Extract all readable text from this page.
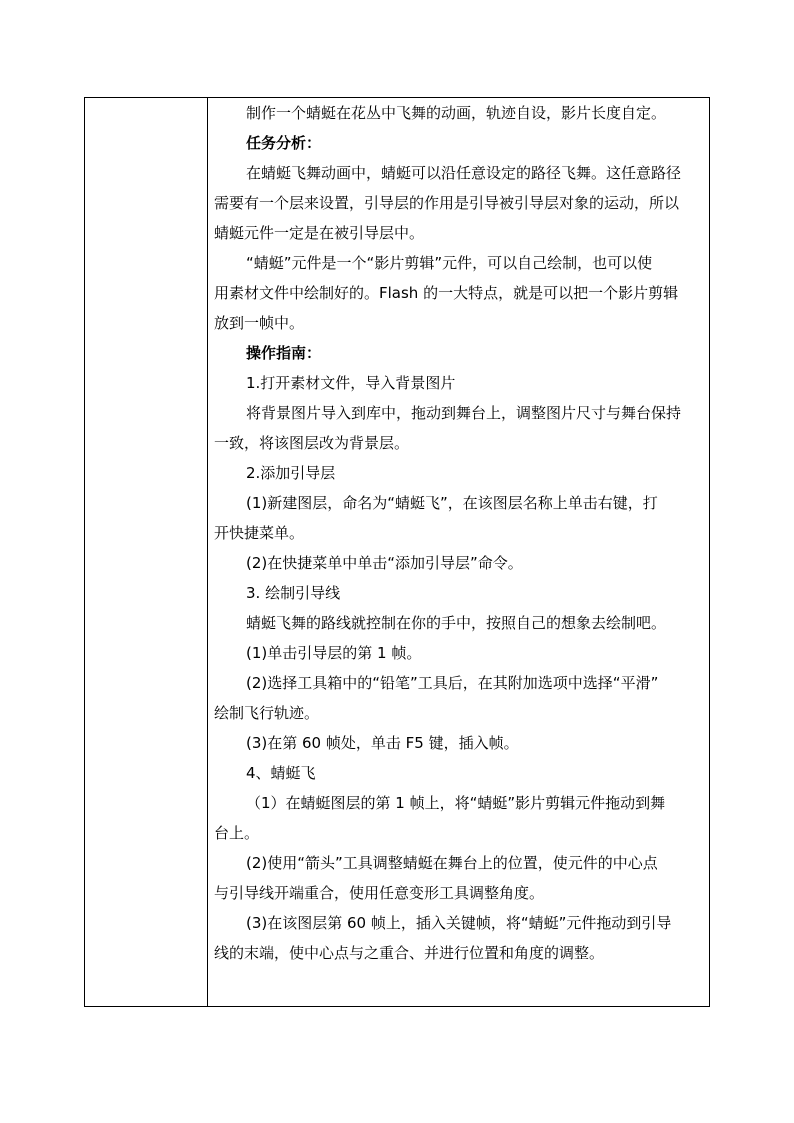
制作一个蜻蜓在花丛中飞舞的动画，轨迹自设，影片长度自定。
任务分析：
在蜻蜓飞舞动画中，蜻蜓可以沿任意设定的路径飞舞。这任意路径
需要有一个层来设置，引导层的作用是引导被引导层对象的运动，所以
蜻蜓元件一定是在被引导层中。
“蜻蜓”元件是一个“影片剪辑”元件，可以自己绘制，也可以使
用素材文件中绘制好的。Flash 的一大特点，就是可以把一个影片剪辑
放到一帧中。
操作指南：
1.打开素材文件，导入背景图片
将背景图片导入到库中，拖动到舞台上，调整图片尺寸与舞台保持
一致，将该图层改为背景层。
2.添加引导层
(1)新建图层，命名为“蜻蜓飞”，在该图层名称上单击右键，打
开快捷菜单。
(2)在快捷菜单中单击“添加引导层”命令。
3. 绘制引导线
蜻蜓飞舞的路线就控制在你的手中，按照自己的想象去绘制吧。
(1)单击引导层的第 1 帧。
(2)选择工具箱中的“铅笔”工具后，在其附加选项中选择“平滑”
绘制飞行轨迹。
(3)在第 60 帧处，单击 F5 键，插入帧。
4、蜻蜓飞
（1）在蜻蜓图层的第 1 帧上，将“蜻蜓”影片剪辑元件拖动到舞
台上。
(2)使用“箭头”工具调整蜻蜓在舞台上的位置，使元件的中心点
与引导线开端重合，使用任意变形工具调整角度。
(3)在该图层第 60 帧上，插入关键帧，将“蜻蜓”元件拖动到引导
线的末端，使中心点与之重合、并进行位置和角度的调整。
